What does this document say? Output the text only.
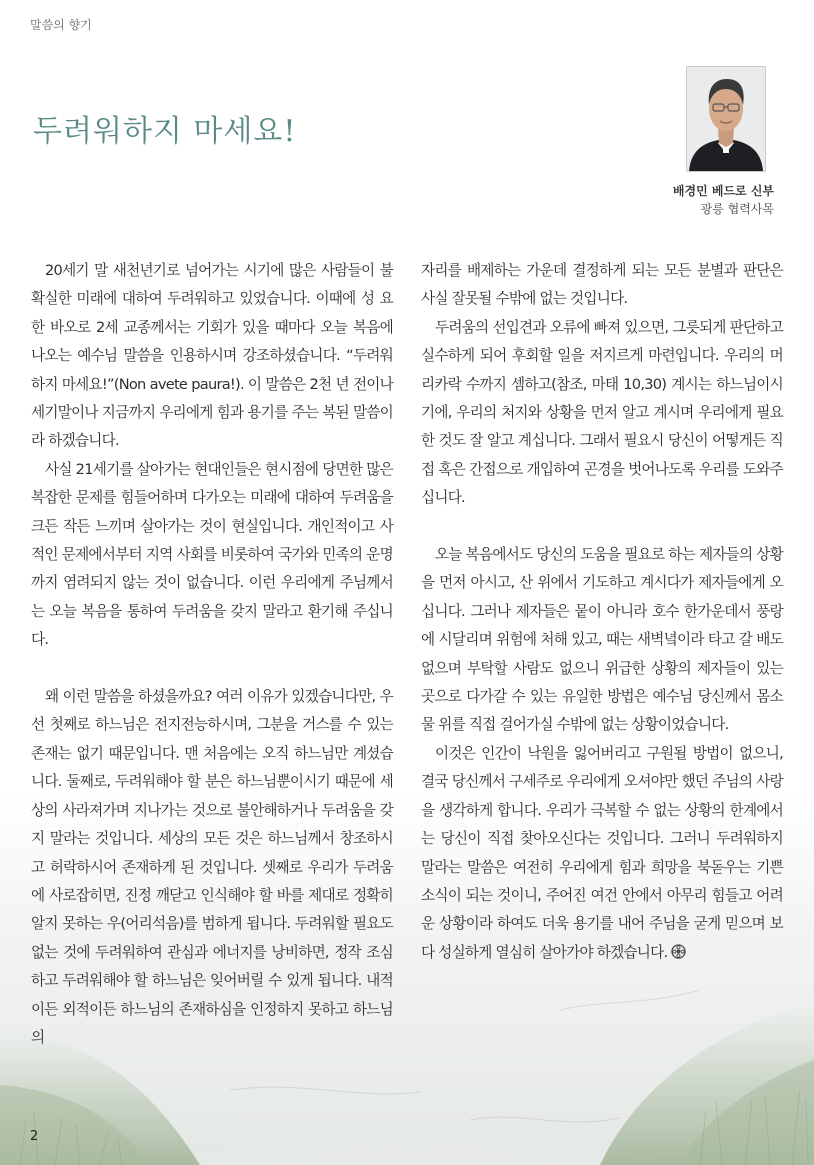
말씀의 향기
두려워하지 마세요!
배경민 베드로 신부
광릉 협력사목

20세기 말 새천년기로 넘어가는 시기에 많은 사람들이 불확실한 미래에 대하여 두려워하고 있었습니다. 이때에 성 요한 바오로 2세 교종께서는 기회가 있을 때마다 오늘 복음에 나오는 예수님 말씀을 인용하시며 강조하셨습니다. “두려워하지 마세요!”(Non avete paura!). 이 말씀은 2천 년 전이나 세기말이나 지금까지 우리에게 힘과 용기를 주는 복된 말씀이라 하겠습니다.

사실 21세기를 살아가는 현대인들은 현시점에 당면한 많은 복잡한 문제를 힘들어하며 다가오는 미래에 대하여 두려움을 크든 작든 느끼며 살아가는 것이 현실입니다. 개인적이고 사적인 문제에서부터 지역 사회를 비롯하여 국가와 민족의 운명까지 염려되지 않는 것이 없습니다. 이런 우리에게 주님께서는 오늘 복음을 통하여 두려움을 갖지 말라고 환기해 주십니다.

왜 이런 말씀을 하셨을까요? 여러 이유가 있겠습니다만, 우선 첫째로 하느님은 전지전능하시며, 그분을 거스를 수 있는 존재는 없기 때문입니다. 맨 처음에는 오직 하느님만 계셨습니다. 둘째로, 두려워해야 할 분은 하느님뿐이시기 때문에 세상의 사라져가며 지나가는 것으로 불안해하거나 두려움을 갖지 말라는 것입니다. 세상의 모든 것은 하느님께서 창조하시고 허락하시어 존재하게 된 것입니다. 셋째로 우리가 두려움에 사로잡히면, 진정 깨닫고 인식해야 할 바를 제대로 정확히 알지 못하는 우(어리석음)를 범하게 됩니다. 두려워할 필요도 없는 것에 두려워하여 관심과 에너지를 낭비하면, 정작 조심하고 두려워해야 할 하느님은 잊어버릴 수 있게 됩니다. 내적이든 외적이든 하느님의 존재하심을 인정하지 못하고 하느님의

자리를 배제하는 가운데 결정하게 되는 모든 분별과 판단은 사실 잘못될 수밖에 없는 것입니다.

두려움의 선입견과 오류에 빠져 있으면, 그릇되게 판단하고 실수하게 되어 후회할 일을 저지르게 마련입니다. 우리의 머리카락 수까지 셈하고(참조, 마태 10,30) 계시는 하느님이시기에, 우리의 처지와 상황을 먼저 알고 계시며 우리에게 필요한 것도 잘 알고 계십니다. 그래서 필요시 당신이 어떻게든 직접 혹은 간접으로 개입하여 곤경을 벗어나도록 우리를 도와주십니다.

오늘 복음에서도 당신의 도움을 필요로 하는 제자들의 상황을 먼저 아시고, 산 위에서 기도하고 계시다가 제자들에게 오십니다. 그러나 제자들은 뭍이 아니라 호수 한가운데서 풍랑에 시달리며 위험에 처해 있고, 때는 새벽녘이라 타고 갈 배도 없으며 부탁할 사람도 없으니 위급한 상황의 제자들이 있는 곳으로 다가갈 수 있는 유일한 방법은 예수님 당신께서 몸소 물 위를 직접 걸어가실 수밖에 없는 상황이었습니다.

이것은 인간이 낙원을 잃어버리고 구원될 방법이 없으니, 결국 당신께서 구세주로 우리에게 오셔야만 했던 주님의 사랑을 생각하게 합니다. 우리가 극복할 수 없는 상황의 한계에서는 당신이 직접 찾아오신다는 것입니다. 그러니 두려워하지 말라는 말씀은 여전히 우리에게 힘과 희망을 북돋우는 기쁜 소식이 되는 것이니, 주어진 여건 안에서 아무리 힘들고 어려운 상황이라 하여도 더욱 용기를 내어 주님을 굳게 믿으며 보다 성실하게 열심히 살아가야 하겠습니다.

2
